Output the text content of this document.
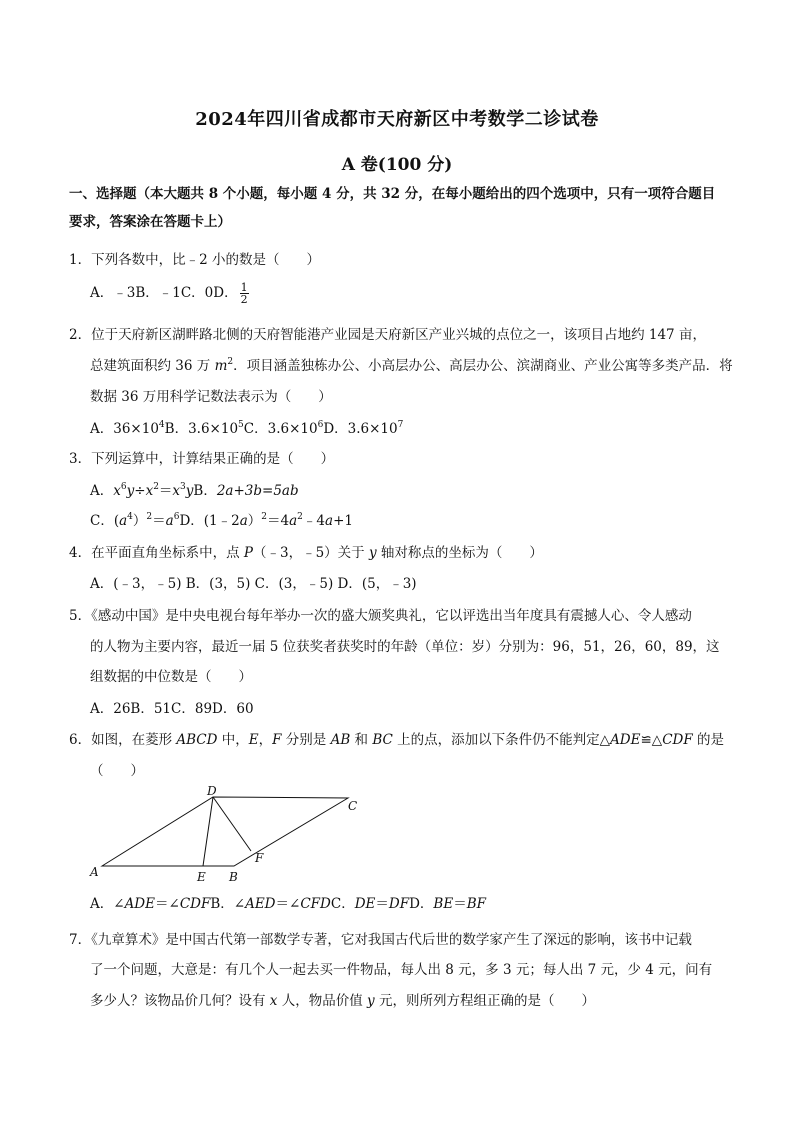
2024年四川省成都市天府新区中考数学二诊试卷
A 卷(100 分)
一、选择题（本大题共 8 个小题，每小题 4 分，共 32 分，在每小题给出的四个选项中，只有一项符合题目
要求，答案涂在答题卡上）
1．下列各数中，比﹣2 小的数是（　　）
A．﹣3B．﹣1C．0D． $\frac{1}{2}$
2．位于天府新区湖畔路北侧的天府智能港产业园是天府新区产业兴城的点位之一，该项目占地约 147 亩，
总建筑面积约 36 万 $m^2$．项目涵盖独栋办公、小高层办公、高层办公、滨湖商业、产业公寓等多类产品．将
数据 36 万用科学记数法表示为（　　）
A．$36\times 10^4B$．$3.6\times 10^5C$．$3.6\times 10^6D$．$3.6\times 10^7$
3．下列运算中，计算结果正确的是（　　）
A．$x^6y\div x^2=x^3yB$．2a+3b=5ab
C．$(a^4)^2=a^6D$．$(1﹣2a)^2=4a^2﹣4a+1$
4．在平面直角坐标系中，点 P（﹣3，﹣5）关于 y 轴对称点的坐标为（　　）
A．(﹣3，﹣5) B．(3，5) C．(3，﹣5) D．(5，﹣3)
5．《感动中国》是中央电视台每年举办一次的盛大颁奖典礼，它以评选出当年度具有震撼人心、令人感动
的人物为主要内容，最近一届 5 位获奖者获奖时的年龄（单位：岁）分别为：96，51，26，60，89，这
组数据的中位数是（　　）
A．26B．51C．89D．60
6．如图，在菱形 ABCD 中，E，F 分别是 AB 和 BC 上的点，添加以下条件仍不能判定△ADE≌△CDF 的是
（　　）
A	B
C
D
E
F
A．∠ADE＝∠CDFB．∠AED＝∠CFDC．DE＝DFD．BE＝BF
7．《九章算术》是中国古代第一部数学专著，它对我国古代后世的数学家产生了深远的影响，该书中记载
了一个问题，大意是：有几个人一起去买一件物品，每人出 8 元，多 3 元；每人出 7 元，少 4 元，问有
多少人？该物品价几何？设有 x 人，物品价值 y 元，则所列方程组正确的是（　　）
